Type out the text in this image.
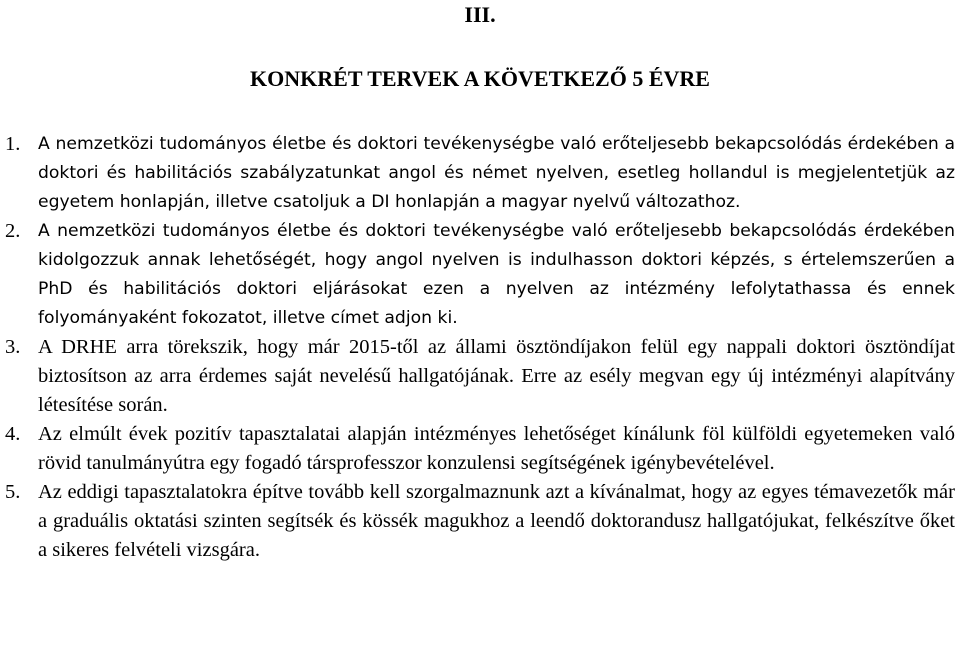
III.
KONKRÉT TERVEK A KÖVETKEZŐ 5 ÉVRE
1. A nemzetközi tudományos életbe és doktori tevékenységbe való erőteljesebb bekapcsolódás érdekében a doktori és habilitációs szabályzatunkat angol és német nyelven, esetleg hollandul is megjelentetjük az egyetem honlapján, illetve csatoljuk a DI honlapján a magyar nyelvű változathoz.
2. A nemzetközi tudományos életbe és doktori tevékenységbe való erőteljesebb bekapcsolódás érdekében kidolgozzuk annak lehetőségét, hogy angol nyelven is indulhasson doktori képzés, s értelemszerűen a PhD és habilitációs doktori eljárásokat ezen a nyelven az intézmény lefolytathassa és ennek folyományaként fokozatot, illetve címet adjon ki.
3. A DRHE arra törekszik, hogy már 2015-től az állami ösztöndíjakon felül egy nappali doktori ösztöndíjat biztosítson az arra érdemes saját nevelésű hallgatójának. Erre az esély megvan egy új intézményi alapítvány létesítése során.
4. Az elmúlt évek pozitív tapasztalatai alapján intézményes lehetőséget kínálunk föl külföldi egyetemeken való rövid tanulmányútra egy fogadó társprofesszor konzulensi segítségének igénybevételével.
5. Az eddigi tapasztalatokra építve tovább kell szorgalmaznunk azt a kívánalmat, hogy az egyes témavezetők már a graduális oktatási szinten segítsék és kössék magukhoz a leendő doktorandusz hallgatójukat, felkészítve őket a sikeres felvételi vizsgára.
